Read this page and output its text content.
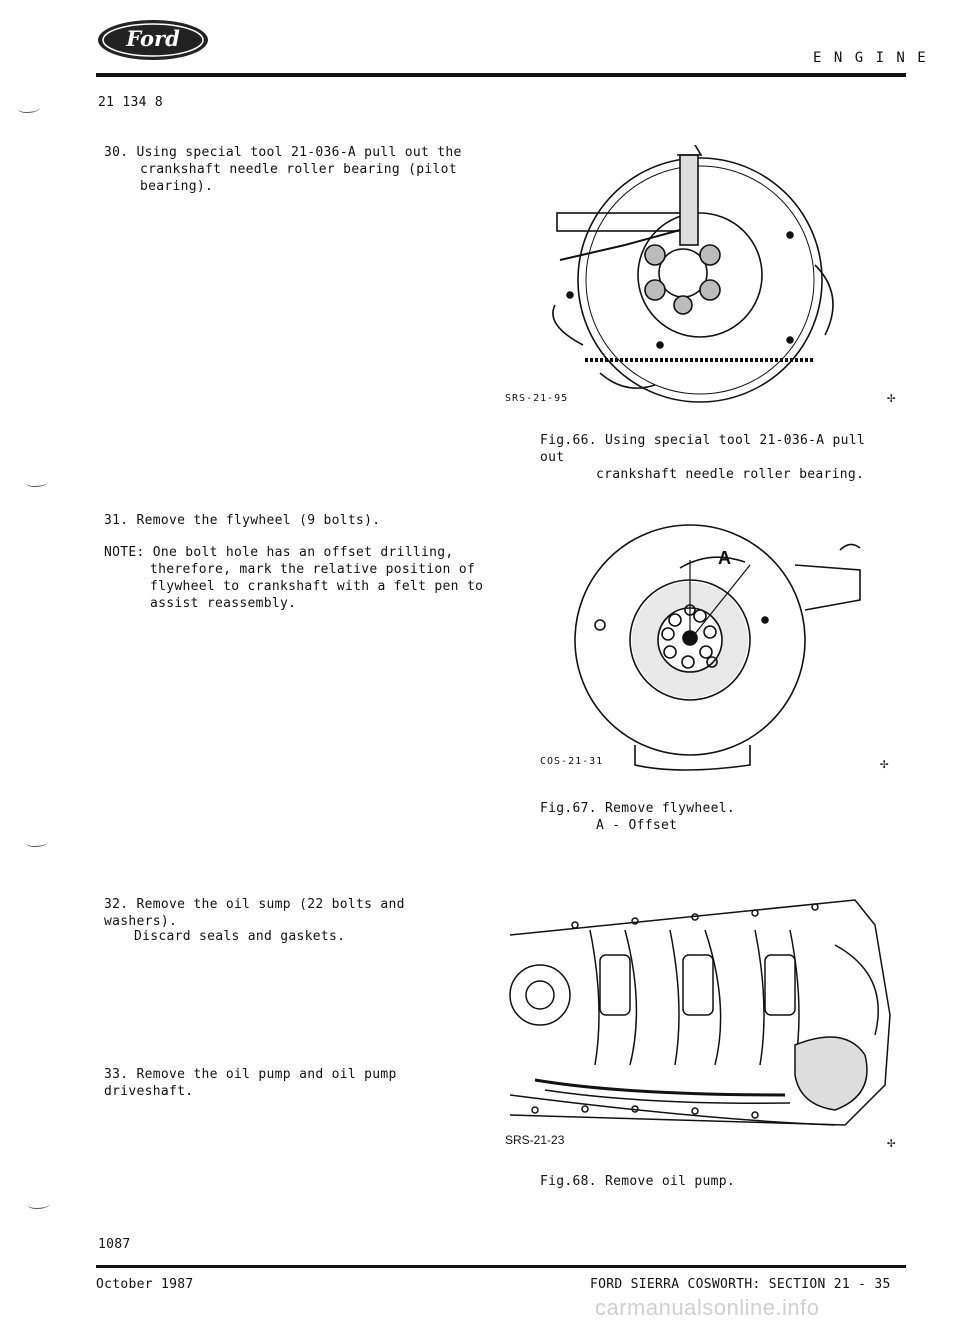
Ford
E N G I N E
21 134 8
30. Using special tool 21-036-A pull out the crankshaft needle roller bearing (pilot bearing).
31. Remove the flywheel (9 bolts).
NOTE: One bolt hole has an offset drilling, therefore, mark the relative position of flywheel to crankshaft with a felt pen to assist reassembly.
32. Remove the oil sump (22 bolts and washers).
Discard seals and gaskets.
33. Remove the oil pump and oil pump driveshaft.
✢
SRS-21-95
Fig.66. Using special tool 21-036-A pull out
crankshaft needle roller bearing.
✢
A
COS-21-31
Fig.67. Remove flywheel.
A - Offset
✢
SRS-21-23
Fig.68. Remove oil pump.
1087
October 1987	FORD SIERRA COSWORTH: SECTION 21 - 35
carmanualsonline.info
